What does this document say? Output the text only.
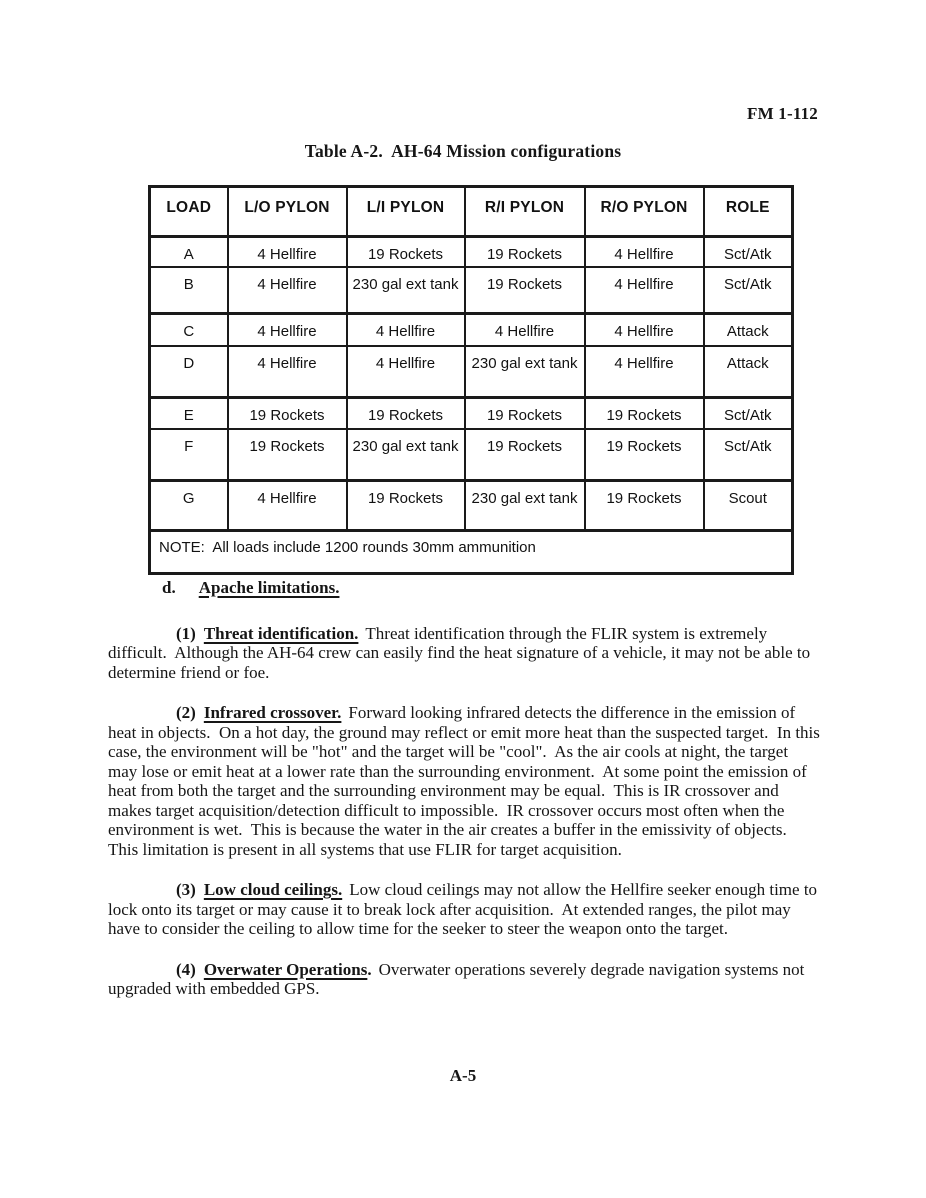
FM 1-112
Table A-2.  AH-64 Mission configurations
LOAD	L/O PYLON	L/I PYLON	R/I PYLON	R/O PYLON	ROLE
A	4 Hellfire	19 Rockets	19 Rockets	4 Hellfire	Sct/Atk
B	4 Hellfire	230 gal ext tank	19 Rockets	4 Hellfire	Sct/Atk
C	4 Hellfire	4 Hellfire	4 Hellfire	4 Hellfire	Attack
D	4 Hellfire	4 Hellfire	230 gal ext tank	4 Hellfire	Attack
E	19 Rockets	19 Rockets	19 Rockets	19 Rockets	Sct/Atk
F	19 Rockets	230 gal ext tank	19 Rockets	19 Rockets	Sct/Atk
G	4 Hellfire	19 Rockets	230 gal ext tank	19 Rockets	Scout
NOTE:  All loads include 1200 rounds 30mm ammunition					

d. Apache limitations.

(1) Threat identification. Threat identification through the FLIR system is extremely difficult.  Although the AH-64 crew can easily find the heat signature of a vehicle, it may not be able to determine friend or foe.

(2) Infrared crossover. Forward looking infrared detects the difference in the emission of heat in objects.  On a hot day, the ground may reflect or emit more heat than the suspected target.  In this case, the environment will be "hot" and the target will be "cool".  As the air cools at night, the target may lose or emit heat at a lower rate than the surrounding environment.  At some point the emission of heat from both the target and the surrounding environment may be equal.  This is IR crossover and makes target acquisition/detection difficult to impossible.  IR crossover occurs most often when the environment is wet.  This is because the water in the air creates a buffer in the emissivity of objects.  This limitation is present in all systems that use FLIR for target acquisition.

(3) Low cloud ceilings. Low cloud ceilings may not allow the Hellfire seeker enough time to lock onto its target or may cause it to break lock after acquisition.  At extended ranges, the pilot may have to consider the ceiling to allow time for the seeker to steer the weapon onto the target.

(4) Overwater Operations. Overwater operations severely degrade navigation systems not upgraded with embedded GPS.

A-5
